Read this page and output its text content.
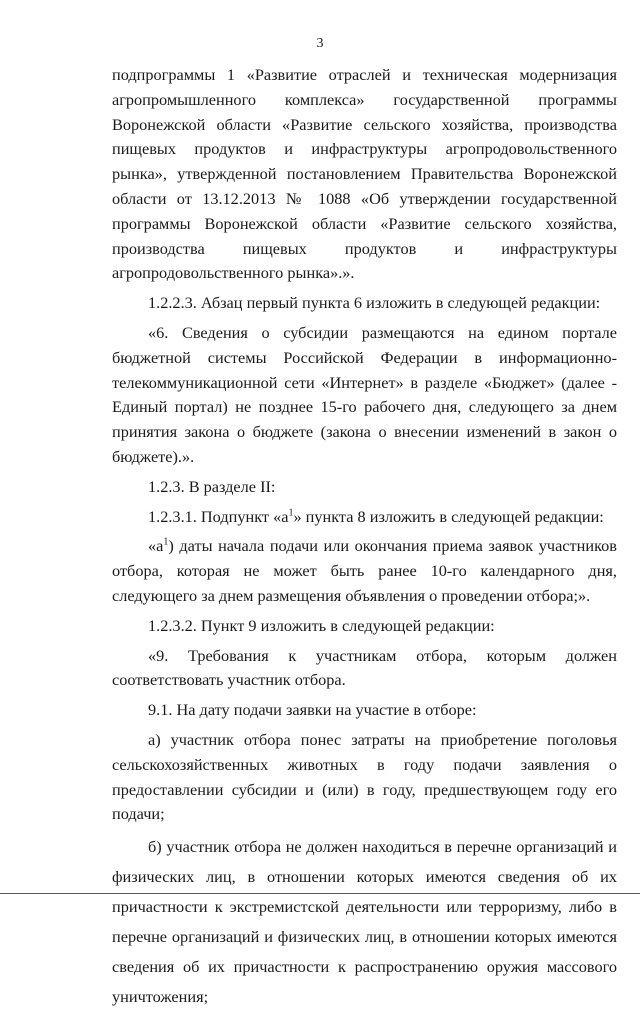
3

подпрограммы 1 «Развитие отраслей и техническая модернизация агропромышленного комплекса» государственной программы Воронежской области «Развитие сельского хозяйства, производства пищевых продуктов и инфраструктуры агропродовольственного рынка», утвержденной постановлением Правительства Воронежской области от 13.12.2013 № 1088 «Об утверждении государственной программы Воронежской области «Развитие сельского хозяйства, производства пищевых продуктов и инфраструктуры агропродовольственного рынка».».

1.2.2.3. Абзац первый пункта 6 изложить в следующей редакции:

«6. Сведения о субсидии размещаются на едином портале бюджетной системы Российской Федерации в информационно-телекоммуникационной сети «Интернет» в разделе «Бюджет» (далее - Единый портал) не позднее 15-го рабочего дня, следующего за днем принятия закона о бюджете (закона о внесении изменений в закон о бюджете).».

1.2.3. В разделе II:

1.2.3.1. Подпункт «$а^1$» пункта 8 изложить в следующей редакции:

«$а^1$) даты начала подачи или окончания приема заявок участников отбора, которая не может быть ранее 10-го календарного дня, следующего за днем размещения объявления о проведении отбора;».

1.2.3.2. Пункт 9 изложить в следующей редакции:

«9. Требования к участникам отбора, которым должен соответствовать участник отбора.

9.1. На дату подачи заявки на участие в отборе:

а) участник отбора понес затраты на приобретение поголовья сельскохозяйственных животных в году подачи заявления о предоставлении субсидии и (или) в году, предшествующем году его подачи;

б) участник отбора не должен находиться в перечне организаций и физических лиц, в отношении которых имеются сведения об их причастности к экстремистской деятельности или терроризму, либо в перечне организаций и физических лиц, в отношении которых имеются сведения об их причастности к распространению оружия массового уничтожения;
